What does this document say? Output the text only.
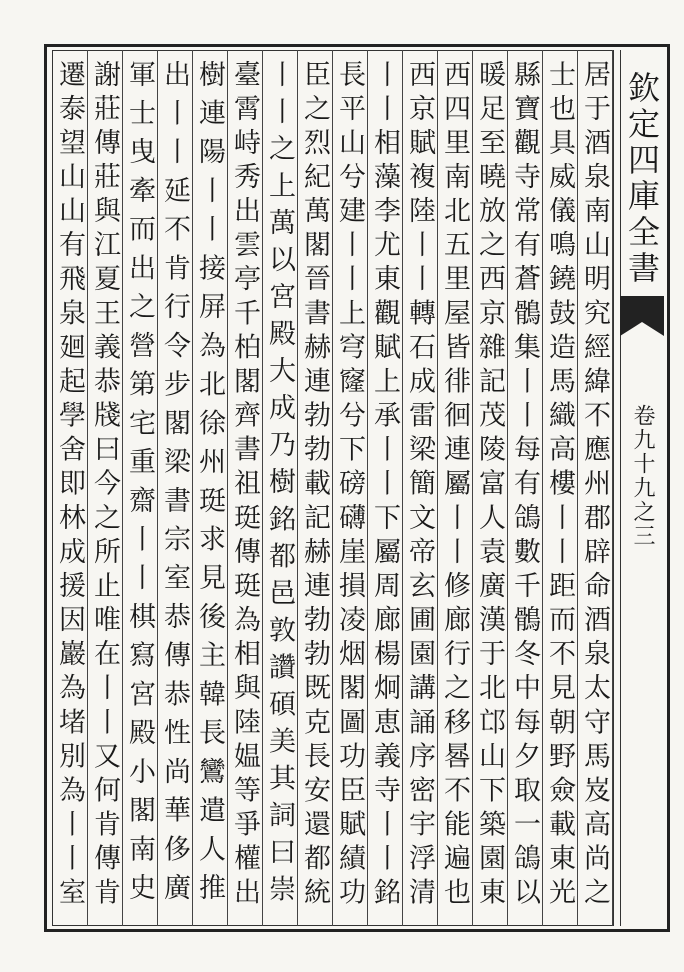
欽定四庫全書
卷九十九之三
居于酒泉南山明究經緯不應州郡辟命酒泉太守馬岌高尚之
士也具威儀鳴鐃鼓造馬織高樓丨丨距而不見朝野僉載東光
縣寶觀寺常有蒼鶻集丨丨每有鴿數千鶻冬中每夕取一鴿以
暖足至曉放之西京雜記茂陵富人袁廣漢于北邙山下築園東
西四里南北五里屋皆徘徊連屬丨丨修廊行之移晷不能遍也
西京賦複陸丨丨轉石成雷梁簡文帝玄圃園講誦序密宇浮清
丨丨相藻李尤東觀賦上承丨丨下屬周廊楊炯恵義寺丨丨銘
長平山兮建丨丨上穹窿兮下磅礴崖損凌烟閣圖功臣賦績功
臣之烈紀萬閣晉書赫連勃勃載記赫連勃勃既克長安還都統
丨丨之上萬以宮殿大成乃樹銘都邑敦讚碩美其詞曰崇
臺霄峙秀出雲亭千柏閣齊書祖珽傳珽為相與陸媪等爭權出
樹連陽丨丨接屏為北徐州珽求見後主韓長鸞遣人推
出丨丨延不肯行令步閣梁書宗室恭傳恭性尚華侈廣
軍士曳牽而出之營第宅重齋丨丨棋寫宮殿小閣南史
謝莊傳莊與江夏王義恭牋曰今之所止唯在丨丨又何肯傳肯
遷泰望山山有飛泉廻起學舍即林成援因巖為堵別為丨丨室
